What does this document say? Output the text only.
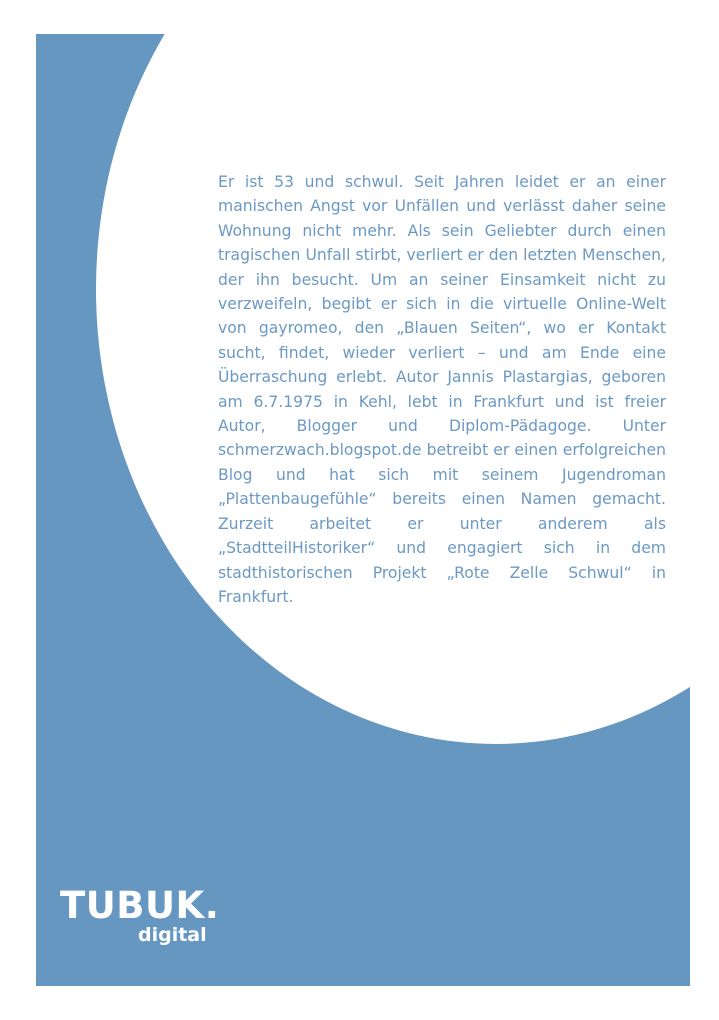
Er ist 53 und schwul. Seit Jahren leidet er an einer manischen Angst vor Unfällen und verlässt daher seine Wohnung nicht mehr. Als sein Geliebter durch einen tragischen Unfall stirbt, verliert er den letzten Menschen, der ihn besucht. Um an seiner Einsamkeit nicht zu verzweifeln, begibt er sich in die virtuelle Online-Welt von gayromeo, den „Blauen Seiten“, wo er Kontakt sucht, findet, wieder verliert – und am Ende eine Überraschung erlebt. Autor Jannis Plastargias, geboren am 6.7.1975 in Kehl, lebt in Frankfurt und ist freier Autor, Blogger und Diplom-Pädagoge. Unter schmerzwach.blogspot.de betreibt er einen erfolgreichen Blog und hat sich mit seinem Jugendroman „Plattenbaugefühle“ bereits einen Namen gemacht. Zurzeit arbeitet er unter anderem als „StadtteilHistoriker“ und engagiert sich in dem stadthistorischen Projekt „Rote Zelle Schwul“ in Frankfurt.

TUBUK.
digital
